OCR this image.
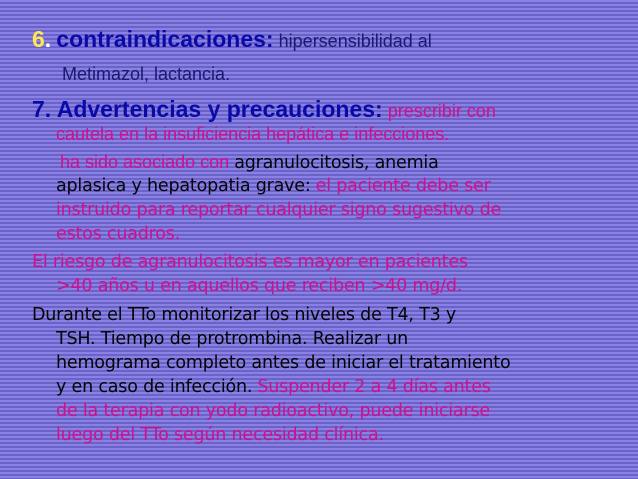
6. contraindicaciones: hipersensibilidad al
Metimazol, lactancia.
7. Advertencias y precauciones: prescribir con
cautela en la insuficiencia hepática e infecciones.
ha sido asociado con agranulocitosis, anemia
aplasica y hepatopatia grave: el paciente debe ser
instruido para reportar cualquier signo sugestivo de
estos cuadros.
El riesgo de agranulocitosis es mayor en pacientes
>40 años u en aquellos que reciben >40 mg/d.
Durante el TTo monitorizar los niveles de T4, T3 y
TSH. Tiempo de protrombina. Realizar un
hemograma completo antes de iniciar el tratamiento
y en caso de infección. Suspender 2 a 4 días antes
de la terapia con yodo radioactivo, puede iniciarse
luego del TTo según necesidad clínica.
